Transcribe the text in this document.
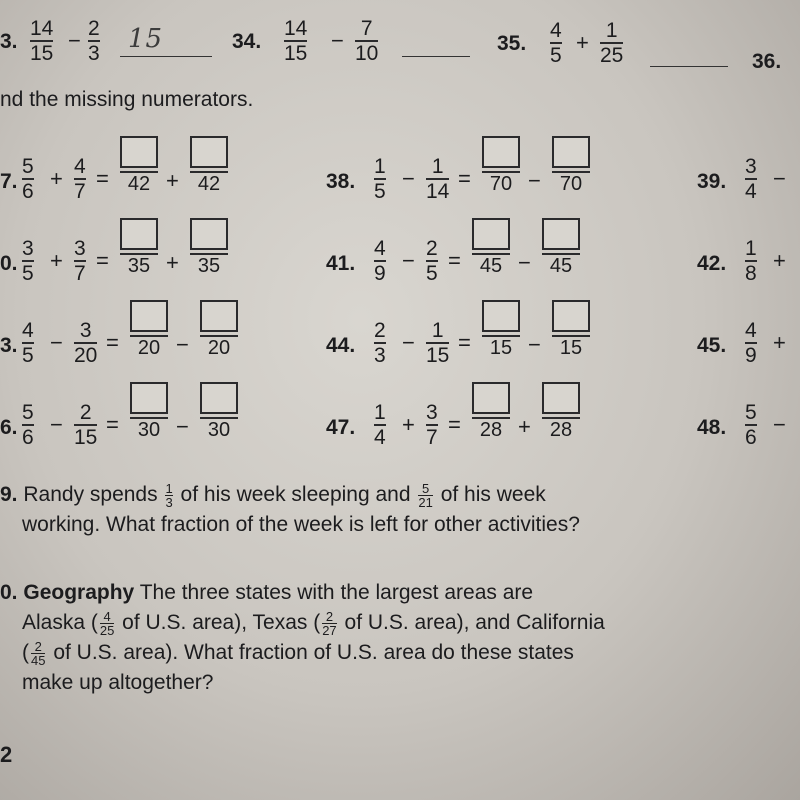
3.
14
15
− 2
3 15	34.
14
15
− 7
10	35.
4
5
+ 1
25	36.
nd the missing numerators.
7.
5
6
+ 4
7
= 42 + 42	38.
1
5
− 1
14
= 70 − 70	39.
3
4
−
0.
3
5
+ 3
7
= 35 + 35	41.
4
9
− 2
5
= 45 − 45	42.
1
8
+
3.
4
5
− 3
20
= 20 − 20	44.
2
3
− 1
15
= 15 − 15	45.
4
9
+
6.
5
6
− 2
15
= 30 − 30	47.
1
4
+ 3
7
= 28 + 28	48.
5
6
−
9. Randy spends $\frac{1}{3}$ of his week sleeping and $\frac{5}{21}$ of his week
working. What fraction of the week is left for other activities?
0. Geography The three states with the largest areas are
Alaska ( $\frac{4}{25}$ of U.S. area), Texas ( $\frac{2}{27}$ of U.S. area), and California
( $\frac{2}{45}$ of U.S. area). What fraction of U.S. area do these states
make up altogether?
2
